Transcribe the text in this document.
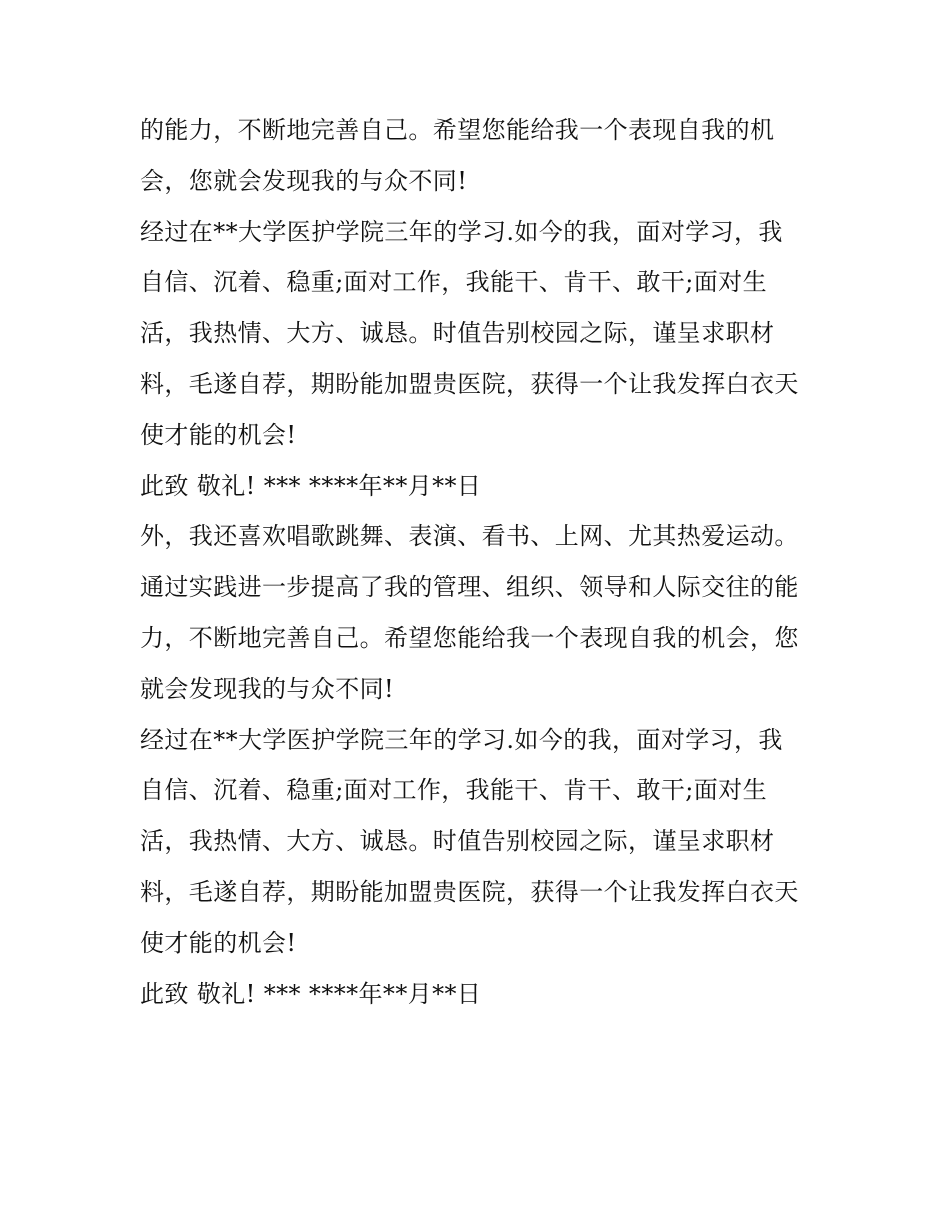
的能力，不断地完善自己。希望您能给我一个表现自我的机
会，您就会发现我的与众不同!
经过在**大学医护学院三年的学习.如今的我，面对学习，我
自信、沉着、稳重;面对工作，我能干、肯干、敢干;面对生
活，我热情、大方、诚恳。时值告别校园之际，谨呈求职材
料，毛遂自荐，期盼能加盟贵医院，获得一个让我发挥白衣天
使才能的机会!
此致 敬礼! *** ****年**月**日
外，我还喜欢唱歌跳舞、表演、看书、上网、尤其热爱运动。
通过实践进一步提高了我的管理、组织、领导和人际交往的能
力，不断地完善自己。希望您能给我一个表现自我的机会，您
就会发现我的与众不同!
经过在**大学医护学院三年的学习.如今的我，面对学习，我
自信、沉着、稳重;面对工作，我能干、肯干、敢干;面对生
活，我热情、大方、诚恳。时值告别校园之际，谨呈求职材
料，毛遂自荐，期盼能加盟贵医院，获得一个让我发挥白衣天
使才能的机会!
此致 敬礼! *** ****年**月**日
